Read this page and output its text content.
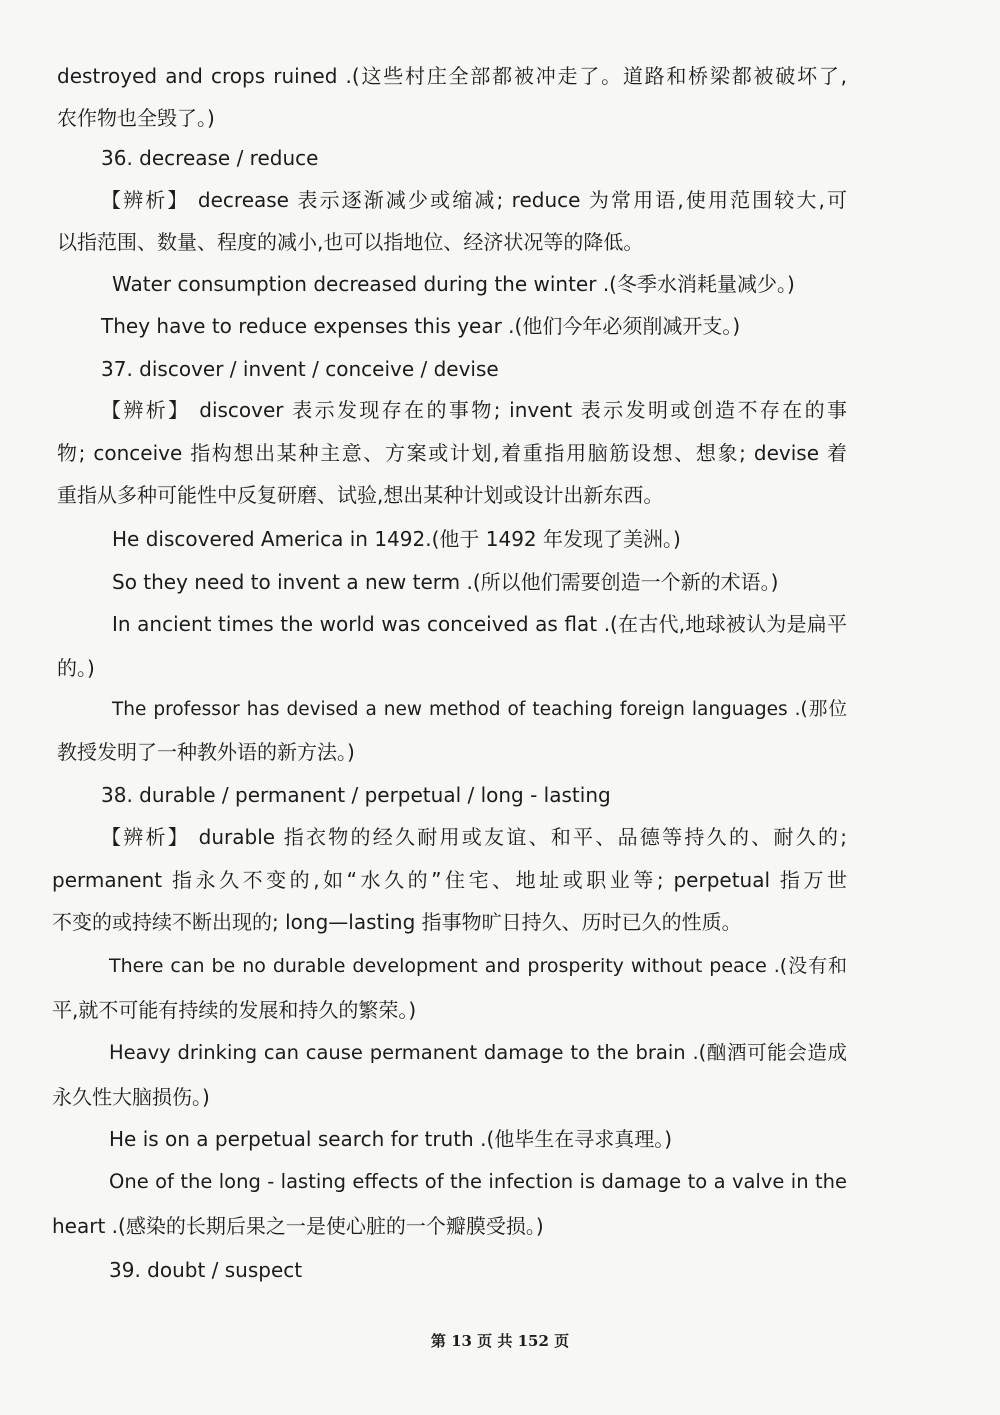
destroyed and crops ruined .(这些村庄全部都被冲走了。道路和桥梁都被破坏了,
农作物也全毁了。)
36. decrease / reduce
【辨析】 decrease 表示逐渐减少或缩减; reduce 为常用语,使用范围较大,可
以指范围、数量、程度的减小,也可以指地位、经济状况等的降低。
Water consumption decreased during the winter .(冬季水消耗量减少。)
They have to reduce expenses this year .(他们今年必须削减开支。)
37. discover / invent / conceive / devise
【辨析】 discover 表示发现存在的事物; invent 表示发明或创造不存在的事
物; conceive 指构想出某种主意、方案或计划,着重指用脑筋设想、想象; devise 着
重指从多种可能性中反复研磨、试验,想出某种计划或设计出新东西。
He discovered America in 1492.(他于 1492 年发现了美洲。)
So they need to invent a new term .(所以他们需要创造一个新的术语。)
In ancient times the world was conceived as flat .(在古代,地球被认为是扁平
的。)
The professor has devised a new method of teaching foreign languages .(那位
教授发明了一种教外语的新方法。)
38. durable / permanent / perpetual / long - lasting
【辨析】 durable 指衣物的经久耐用或友谊、和平、品德等持久的、耐久的;
permanent 指永久不变的,如“水久的”住宅、地址或职业等; perpetual 指万世
不变的或持续不断出现的; long—lasting 指事物旷日持久、历时已久的性质。
There can be no durable development and prosperity without peace .(没有和
平,就不可能有持续的发展和持久的繁荣。)
Heavy drinking can cause permanent damage to the brain .(酗酒可能会造成
永久性大脑损伤。)
He is on a perpetual search for truth .(他毕生在寻求真理。)
One of the long - lasting effects of the infection is damage to a valve in the
heart .(感染的长期后果之一是使心脏的一个瓣膜受损。)
39. doubt / suspect
第 13 页 共 152 页
